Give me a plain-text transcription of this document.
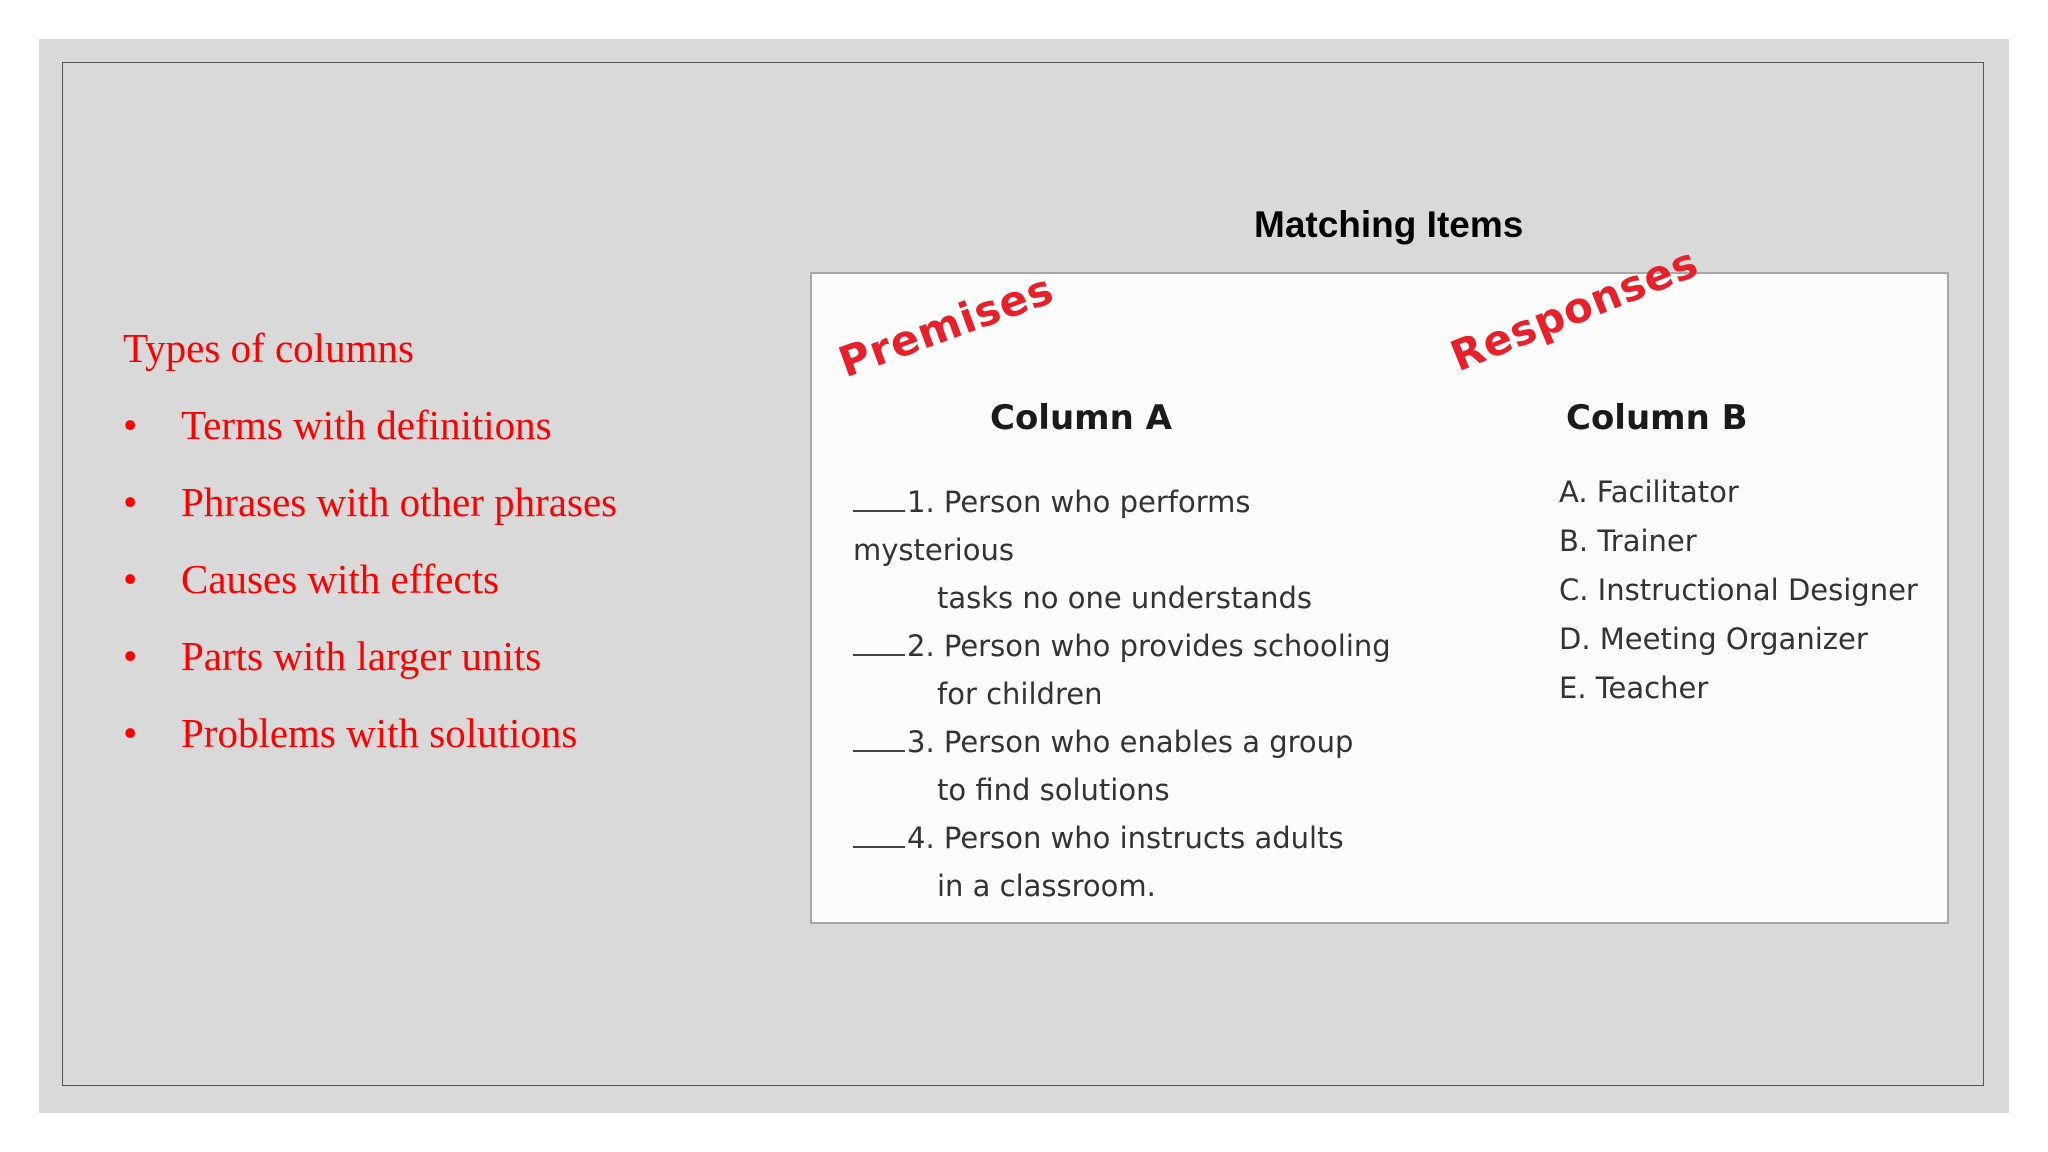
Types of columns
• Terms with definitions
• Phrases with other phrases
• Causes with effects
• Parts with larger units
• Problems with solutions
Matching Items
Premises	Responses
Column A	Column B
1. Person who performs mysterious
tasks no one understands
2. Person who provides schooling
for children
3. Person who enables a group
to find solutions
4. Person who instructs adults
in a classroom.
A. Facilitator
B. Trainer
C. Instructional Designer
D. Meeting Organizer
E. Teacher
